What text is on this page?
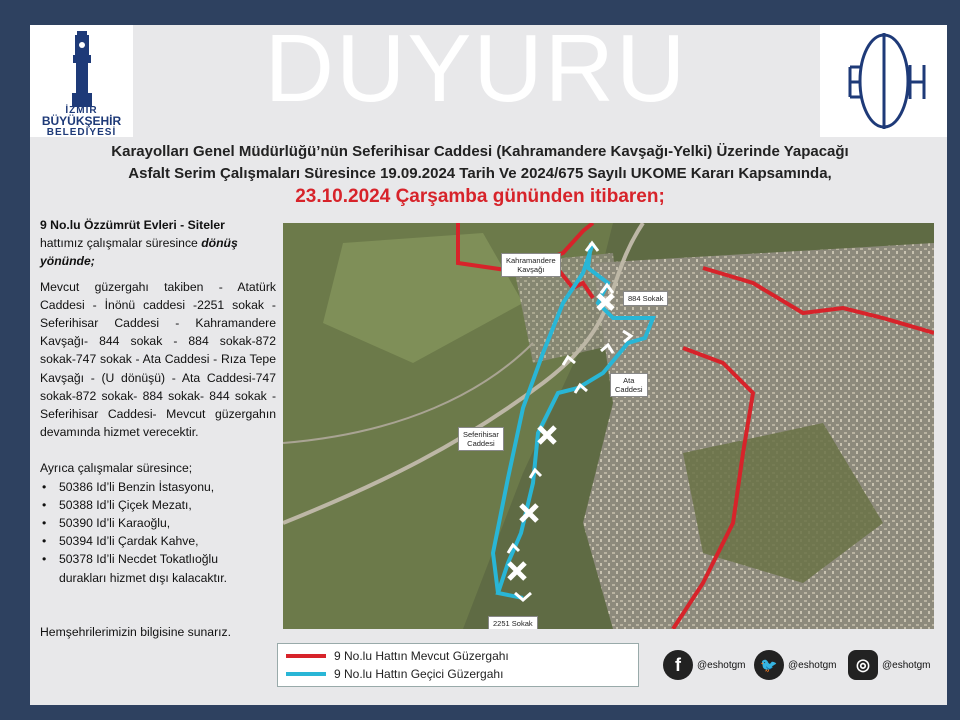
İZMİR
BÜYÜKŞEHİR
BELEDİYESİ
DUYURU
Karayolları Genel Müdürlüğü’nün Seferihisar Caddesi (Kahramandere Kavşağı-Yelki) Üzerinde Yapacağı
Asfalt Serim Çalışmaları Süresince 19.09.2024 Tarih Ve 2024/675 Sayılı UKOME Kararı Kapsamında,
23.10.2024 Çarşamba gününden itibaren;

9 No.lu Özzümrüt Evleri - Siteler

hattımız çalışmalar süresince dönüş yönünde;

Mevcut güzergahı takiben - Atatürk Caddesi - İnönü caddesi -2251 sokak -Seferihisar Caddesi - Kahramandere Kavşağı- 844 sokak - 884 sokak-872 sokak-747 sokak - Ata Caddesi - Rıza Tepe Kavşağı - (U dönüşü) - Ata Caddesi-747 sokak-872 sokak- 884 sokak- 844 sokak - Seferihisar Caddesi- Mevcut güzergahın devamında hizmet verecektir.

Ayrıca çalışmalar süresince;

• 50386 Id’li Benzin İstasyonu,
• 50388 Id’li Çiçek Mezatı,
• 50390 Id’li Karaoğlu,
• 50394 Id’li Çardak Kahve,
• 50378 Id’li Necdet Tokatlıoğlu

durakları hizmet dışı kalacaktır.

Hemşehrilerimizin bilgisine sunarız.

Kahramandere
Kavşağı
884 Sokak
Ata
Caddesi
Seferihisar
Caddesi
2251 Sokak
9 No.lu Hattın Mevcut Güzergahı
9 No.lu Hattın Geçici Güzergahı	f	@eshotgm	🐦	@eshotgm	◎	@eshotgm
